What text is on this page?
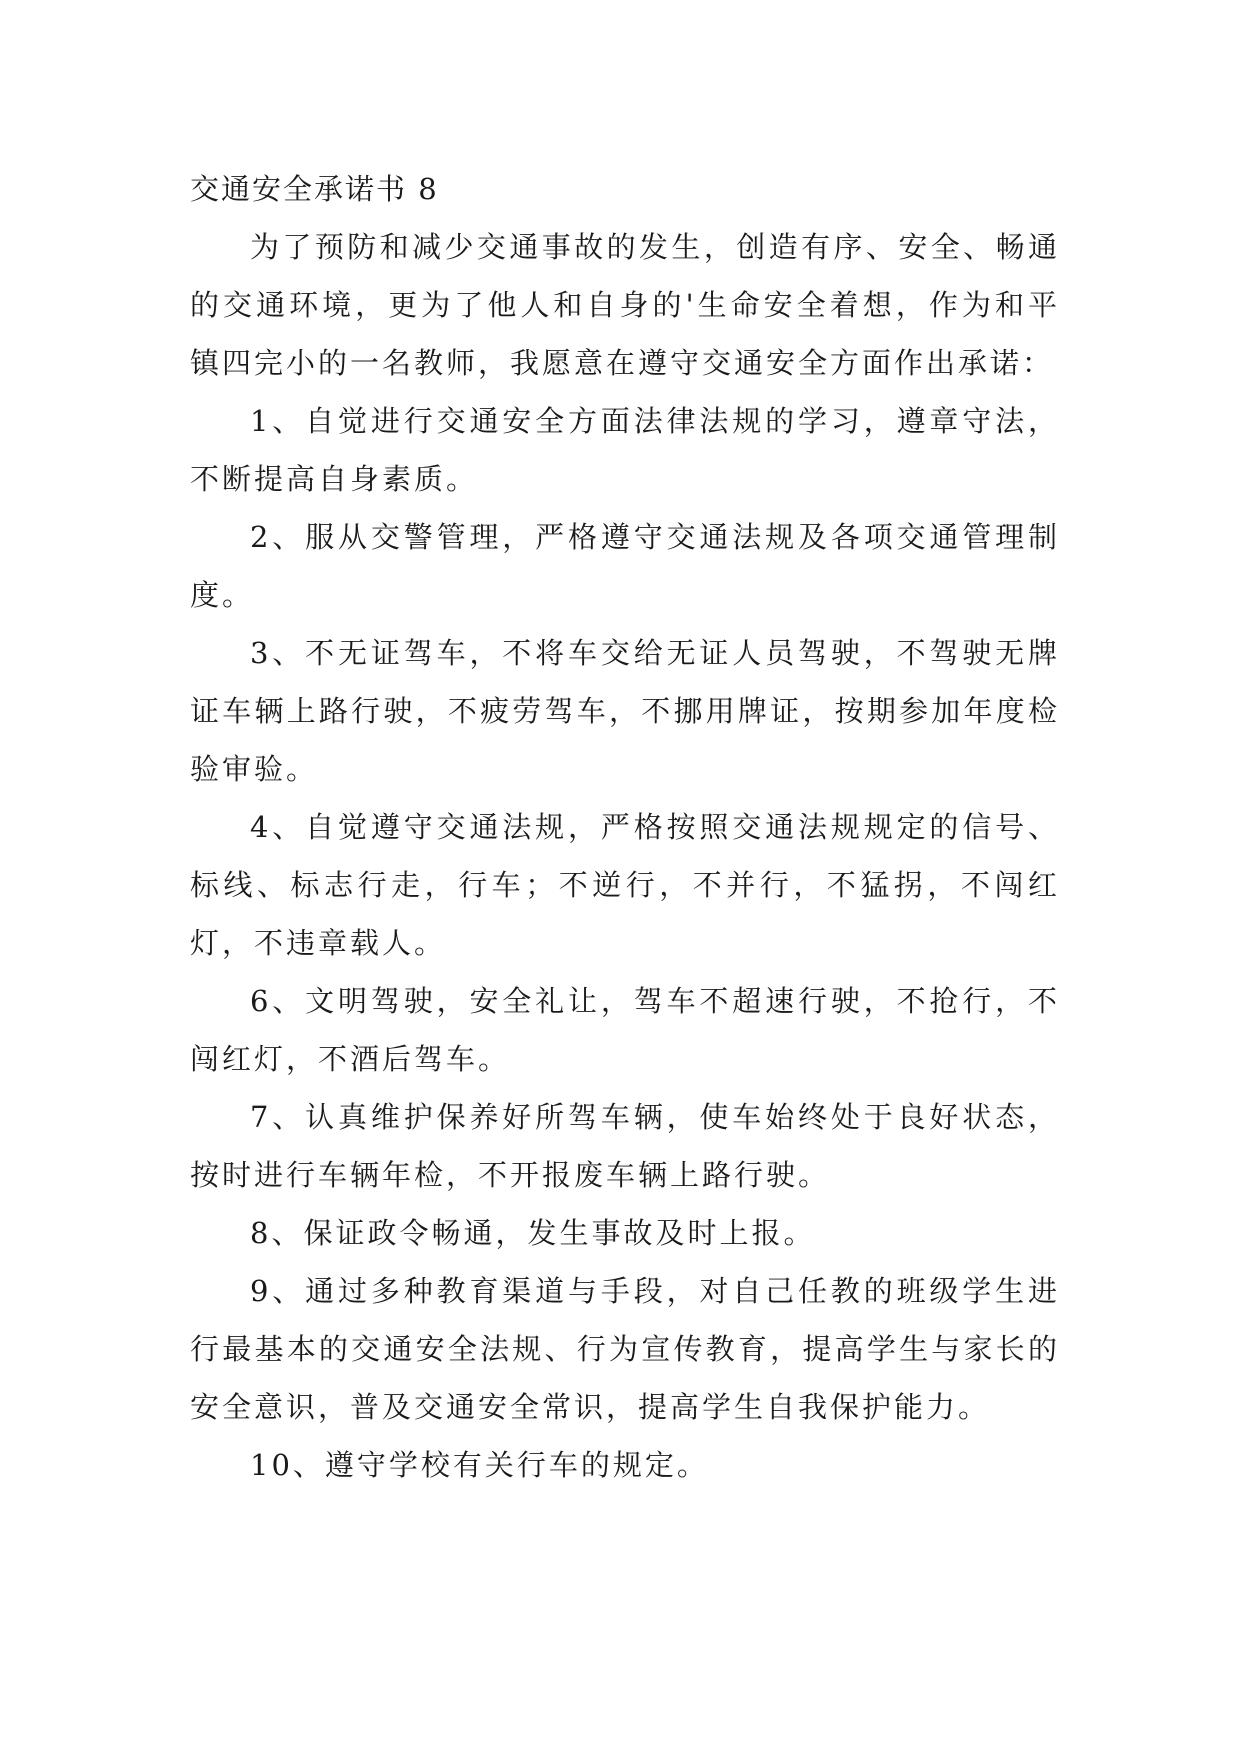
交通安全承诺书 8

为了预防和减少交通事故的发生，创造有序、安全、畅通的交通环境，更为了他人和自身的'生命安全着想，作为和平镇四完小的一名教师，我愿意在遵守交通安全方面作出承诺：

1、自觉进行交通安全方面法律法规的学习，遵章守法，不断提高自身素质。

2、服从交警管理，严格遵守交通法规及各项交通管理制度。

3、不无证驾车，不将车交给无证人员驾驶，不驾驶无牌证车辆上路行驶，不疲劳驾车，不挪用牌证，按期参加年度检验审验。

4、自觉遵守交通法规，严格按照交通法规规定的信号、标线、标志行走，行车；不逆行，不并行，不猛拐，不闯红灯，不违章载人。

6、文明驾驶，安全礼让，驾车不超速行驶，不抢行，不闯红灯，不酒后驾车。

7、认真维护保养好所驾车辆，使车始终处于良好状态，按时进行车辆年检，不开报废车辆上路行驶。

8、保证政令畅通，发生事故及时上报。

9、通过多种教育渠道与手段，对自己任教的班级学生进行最基本的交通安全法规、行为宣传教育，提高学生与家长的安全意识，普及交通安全常识，提高学生自我保护能力。

10、遵守学校有关行车的规定。
